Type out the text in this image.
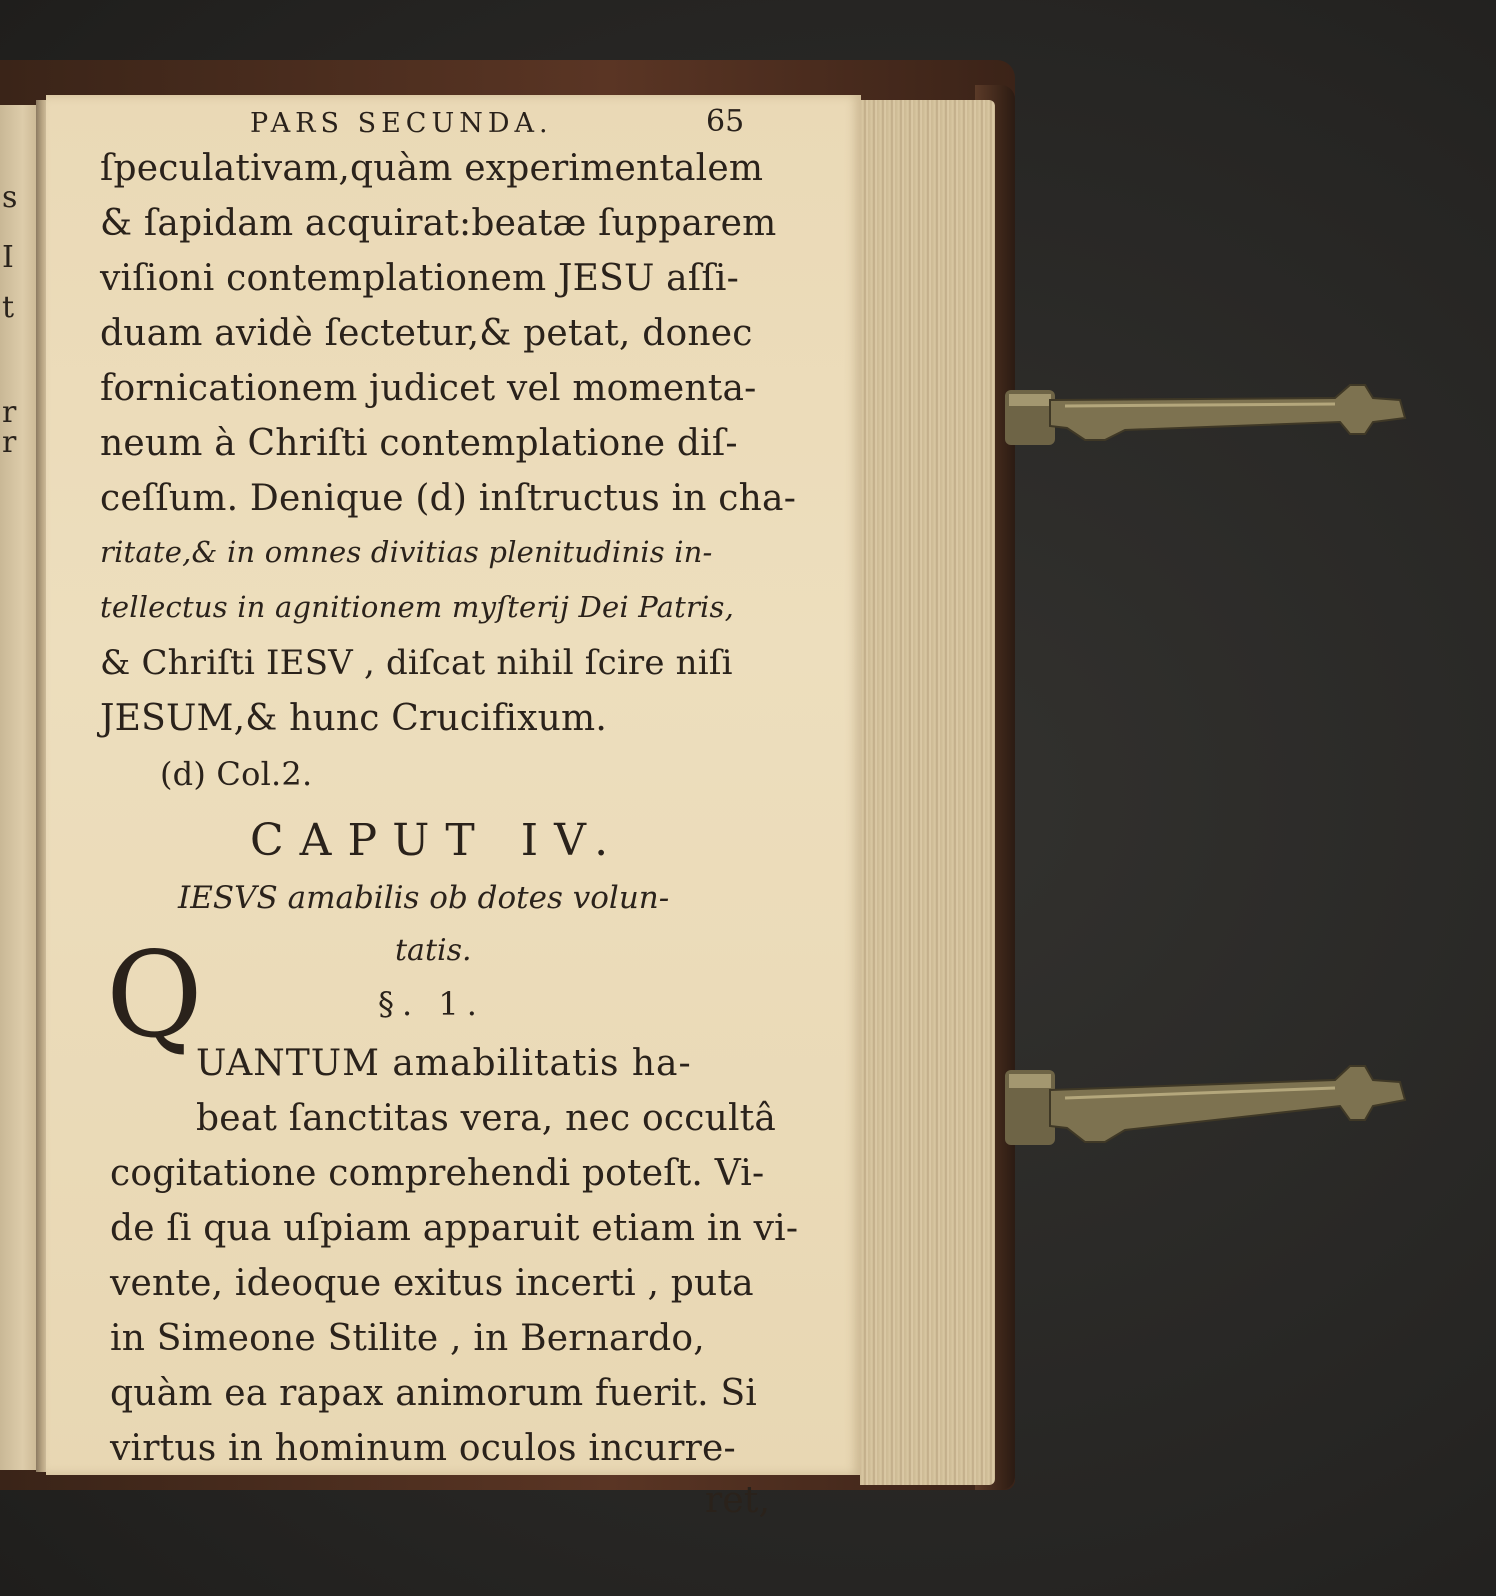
s
I
t
r
r
PARS SECUNDA.	65
ſpeculativam,quàm experimentalem
& ſapidam acquirat:beatæ ſupparem
viſioni contemplationem JESU aſſi-
duam avidè ſectetur,& petat, donec
fornicationem judicet vel momenta-
neum à Chriſti contemplatione diſ-
ceſſum. Denique (d) inſtructus in cha-
ritate,& in omnes divitias plenitudinis in-
tellectus in agnitionem myſterij Dei Patris,
& Chriſti IESV , diſcat nihil ſcire niſi
JESUM,& hunc Crucifixum.
(d) Col.2.
CAPUT IV.
IESVS amabilis ob dotes volun-
tatis.
§. 1.
Q
UANTUM amabilitatis ha-
beat ſanctitas vera, nec occultâ
cogitatione comprehendi poteſt. Vi-
de ſi qua uſpiam apparuit etiam in vi-
vente, ideoque exitus incerti , puta
in Simeone Stilite , in Bernardo,
quàm ea rapax animorum fuerit. Si
virtus in hominum oculos incurre-
ret,
